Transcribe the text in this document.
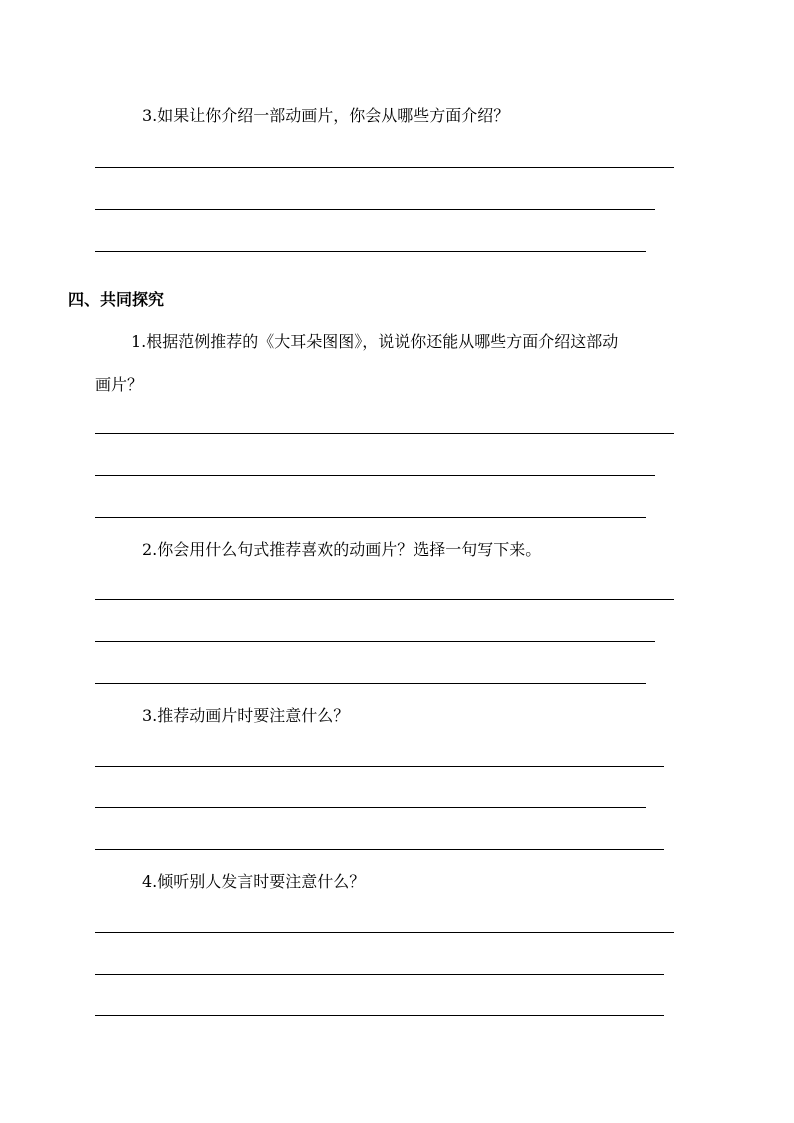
3.如果让你介绍一部动画片，你会从哪些方面介绍？
四、共同探究
1.根据范例推荐的《大耳朵图图》，说说你还能从哪些方面介绍这部动
画片？
2.你会用什么句式推荐喜欢的动画片？选择一句写下来。
3.推荐动画片时要注意什么？
4.倾听别人发言时要注意什么？
